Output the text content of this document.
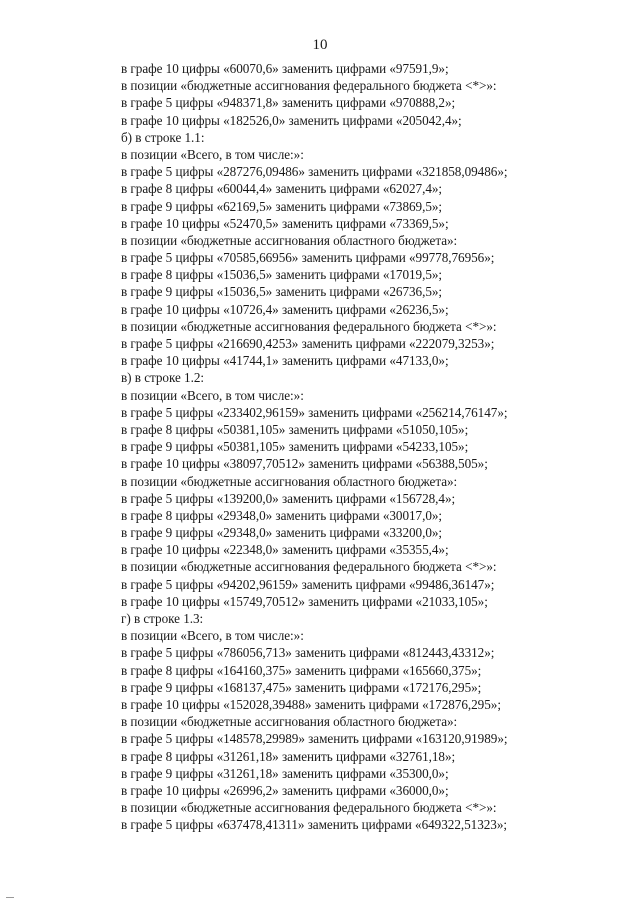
10
в графе 10 цифры «60070,6» заменить цифрами «97591,9»;
в позиции «бюджетные ассигнования федерального бюджета <*>»:
в графе 5 цифры «948371,8» заменить цифрами «970888,2»;
в графе 10 цифры «182526,0» заменить цифрами «205042,4»;
б) в строке 1.1:
в позиции «Всего, в том числе:»:
в графе 5 цифры «287276,09486» заменить цифрами «321858,09486»;
в графе 8 цифры «60044,4» заменить цифрами «62027,4»;
в графе 9 цифры «62169,5» заменить цифрами «73869,5»;
в графе 10 цифры «52470,5» заменить цифрами «73369,5»;
в позиции «бюджетные ассигнования областного бюджета»:
в графе 5 цифры «70585,66956» заменить цифрами «99778,76956»;
в графе 8 цифры «15036,5» заменить цифрами «17019,5»;
в графе 9 цифры «15036,5» заменить цифрами «26736,5»;
в графе 10 цифры «10726,4» заменить цифрами «26236,5»;
в позиции «бюджетные ассигнования федерального бюджета <*>»:
в графе 5 цифры «216690,4253» заменить цифрами «222079,3253»;
в графе 10 цифры «41744,1» заменить цифрами «47133,0»;
в) в строке 1.2:
в позиции «Всего, в том числе:»:
в графе 5 цифры «233402,96159» заменить цифрами «256214,76147»;
в графе 8 цифры «50381,105» заменить цифрами «51050,105»;
в графе 9 цифры «50381,105» заменить цифрами «54233,105»;
в графе 10 цифры «38097,70512» заменить цифрами «56388,505»;
в позиции «бюджетные ассигнования областного бюджета»:
в графе 5 цифры «139200,0» заменить цифрами «156728,4»;
в графе 8 цифры «29348,0» заменить цифрами «30017,0»;
в графе 9 цифры «29348,0» заменить цифрами «33200,0»;
в графе 10 цифры «22348,0» заменить цифрами «35355,4»;
в позиции «бюджетные ассигнования федерального бюджета <*>»:
в графе 5 цифры «94202,96159» заменить цифрами «99486,36147»;
в графе 10 цифры «15749,70512» заменить цифрами «21033,105»;
г) в строке 1.3:
в позиции «Всего, в том числе:»:
в графе 5 цифры «786056,713» заменить цифрами «812443,43312»;
в графе 8 цифры «164160,375» заменить цифрами «165660,375»;
в графе 9 цифры «168137,475» заменить цифрами «172176,295»;
в графе 10 цифры «152028,39488» заменить цифрами «172876,295»;
в позиции «бюджетные ассигнования областного бюджета»:
в графе 5 цифры «148578,29989» заменить цифрами «163120,91989»;
в графе 8 цифры «31261,18» заменить цифрами «32761,18»;
в графе 9 цифры «31261,18» заменить цифрами «35300,0»;
в графе 10 цифры «26996,2» заменить цифрами «36000,0»;
в позиции «бюджетные ассигнования федерального бюджета <*>»:
в графе 5 цифры «637478,41311» заменить цифрами «649322,51323»;
